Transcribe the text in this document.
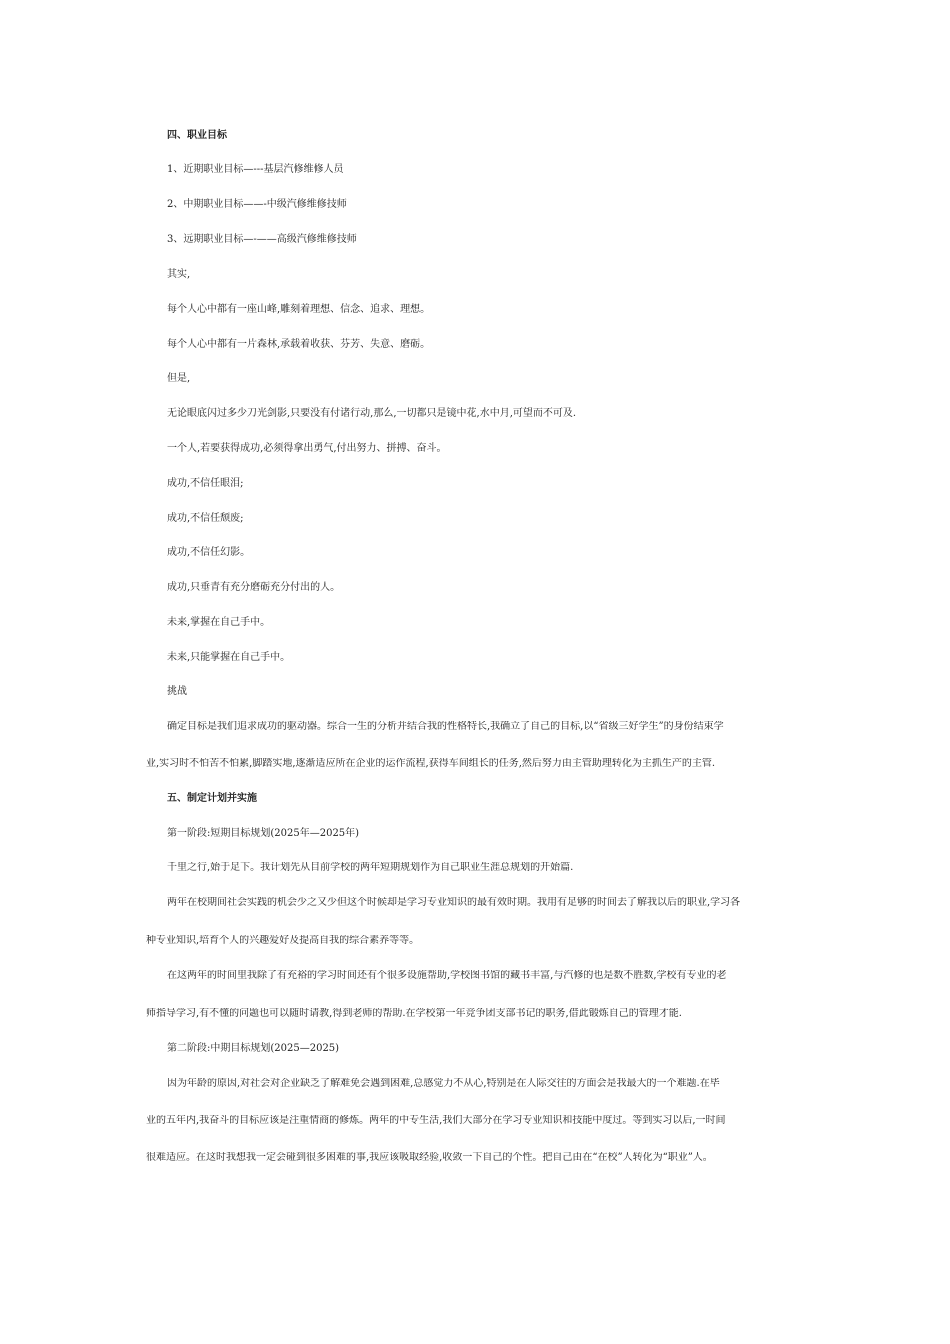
四、职业目标
1、近期职业目标—---基层汽修维修人员
2、中期职业目标——-中级汽修维修技师
3、远期职业目标—-——高级汽修维修技师
其实,
每个人心中都有一座山峰,雕刻着理想、信念、追求、理想。
每个人心中都有一片森林,承载着收获、芬芳、失意、磨砺。
但是,
无论眼底闪过多少刀光剑影,只要没有付诸行动,那么,一切都只是镜中花,水中月,可望而不可及.
一个人,若要获得成功,必须得拿出勇气,付出努力、拼搏、奋斗。
成功,不信任眼泪;
成功,不信任颓废;
成功,不信任幻影。
成功,只垂青有充分磨砺充分付出的人。
未来,掌握在自己手中。
未来,只能掌握在自己手中。
挑战
确定目标是我们追求成功的驱动器。综合一生的分析并结合我的性格特长,我确立了自己的目标,以“省级三好学生”的身份结束学
业,实习时不怕苦不怕累,脚踏实地,逐渐适应所在企业的运作流程,获得车间组长的任务,然后努力由主管助理转化为主抓生产的主管.
五、制定计划并实施
第一阶段:短期目标规划(2025年—2025年)
千里之行,始于足下。我计划先从目前学校的两年短期规划作为自己职业生涯总规划的开始篇.
两年在校期间社会实践的机会少之又少但这个时候却是学习专业知识的最有效时期。我用有足够的时间去了解我以后的职业,学习各
种专业知识,培育个人的兴趣爱好及提高自我的综合素养等等。
在这两年的时间里我除了有充裕的学习时间还有个很多设施帮助,学校图书馆的藏书丰富,与汽修的也是数不胜数,学校有专业的老
师指导学习,有不懂的问题也可以随时请教,得到老师的帮助.在学校第一年竞争团支部书记的职务,借此锻炼自己的管理才能.
第二阶段:中期目标规划(2025—2025)
因为年龄的原因,对社会对企业缺乏了解难免会遇到困难,总感觉力不从心,特别是在人际交往的方面会是我最大的一个难题.在毕
业的五年内,我奋斗的目标应该是注重情商的修炼。两年的中专生活,我们大部分在学习专业知识和技能中度过。等到实习以后,一时间
很难适应。在这时我想我一定会碰到很多困难的事,我应该吸取经验,收敛一下自己的个性。把自己由在“在校”人转化为“职业”人。
